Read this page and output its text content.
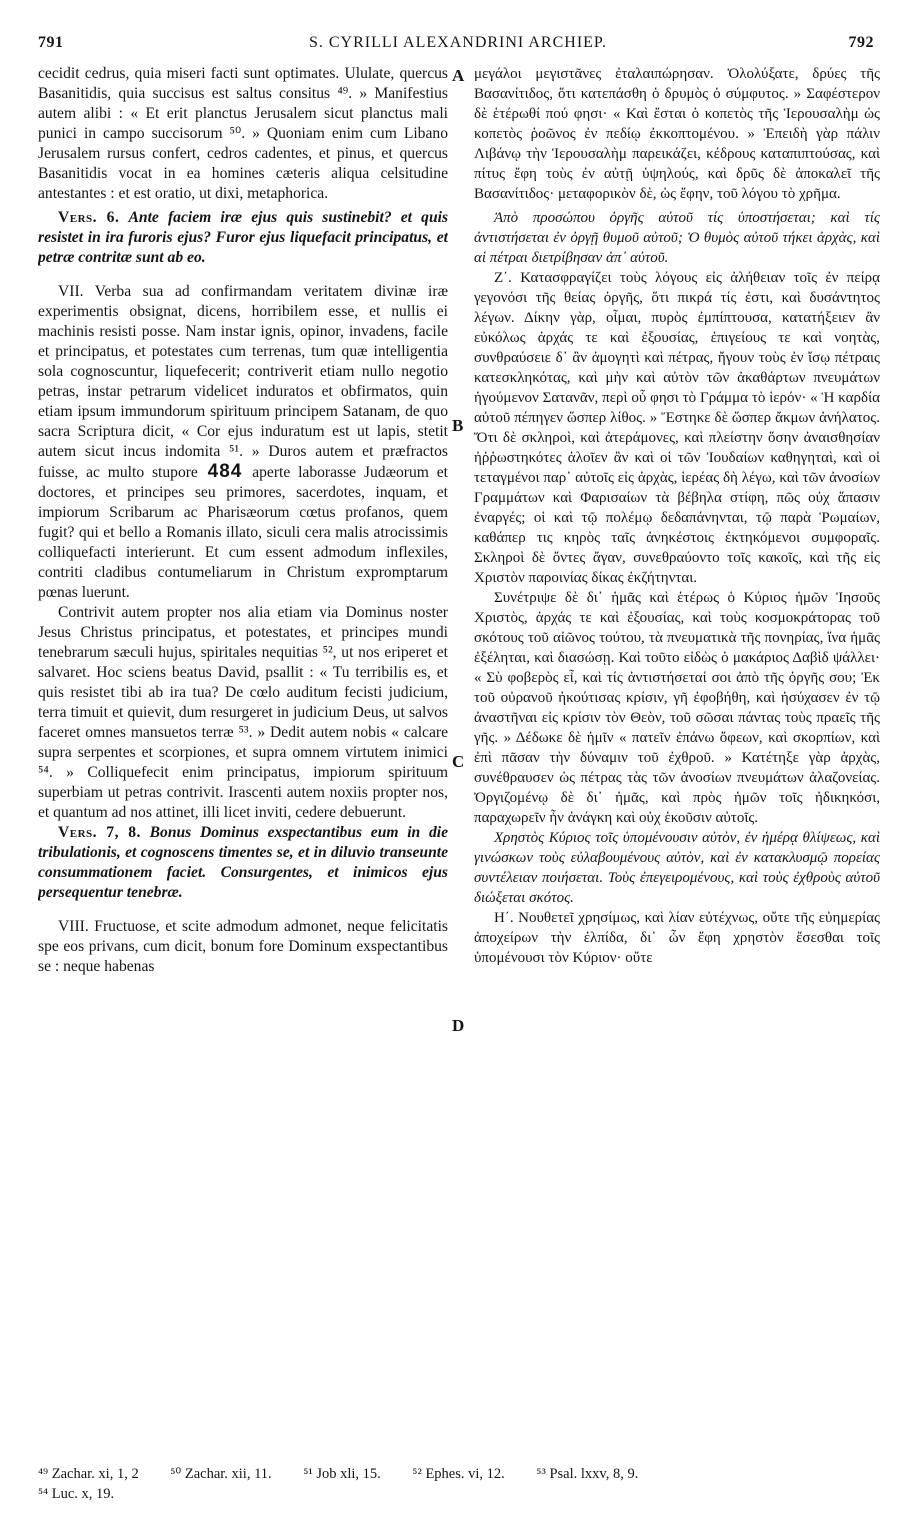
791	S. CYRILLI ALEXANDRINI ARCHIEP.	792
A
B
C
D

cecidit cedrus, quia miseri facti sunt optimates. Ululate, quercus Basanitidis, quia succisus est saltus consitus ⁴⁹. » Manifestius autem alibi : « Et erit planctus Jerusalem sicut planctus mali punici in campo succisorum ⁵⁰. » Quoniam enim cum Libano Jerusalem rursus confert, cedros cadentes, et pinus, et quercus Basanitidis vocat in ea homines cæteris aliqua celsitudine antestantes : et est oratio, ut dixi, metaphorica.

Vers. 6. Ante faciem iræ ejus quis sustinebit? et quis resistet in ira furoris ejus? Furor ejus liquefacit principatus, et petræ contritæ sunt ab eo.

VII. Verba sua ad confirmandam veritatem divinæ iræ experimentis obsignat, dicens, horribilem esse, et nullis ei machinis resisti posse. Nam instar ignis, opinor, invadens, facile et principatus, et potestates cum terrenas, tum quæ intelligentia sola cognoscuntur, liquefecerit; contriverit etiam nullo negotio petras, instar petrarum videlicet induratos et obfirmatos, quin etiam ipsum immundorum spirituum principem Satanam, de quo sacra Scriptura dicit, « Cor ejus induratum est ut lapis, stetit autem sicut incus indomita ⁵¹. » Duros autem et præfractos fuisse, ac multo stupore 484 aperte laborasse Judæorum et doctores, et principes seu primores, sacerdotes, inquam, et impiorum Scribarum ac Pharisæorum cœtus profanos, quem fugit? qui et bello a Romanis illato, siculi cera malis atrocissimis colliquefacti interierunt. Et cum essent admodum inflexiles, contriti cladibus contumeliarum in Christum expromptarum pœnas luerunt.

Contrivit autem propter nos alia etiam via Dominus noster Jesus Christus principatus, et potestates, et principes mundi tenebrarum sæculi hujus, spiritales nequitias ⁵², ut nos eriperet et salvaret. Hoc sciens beatus David, psallit : « Tu terribilis es, et quis resistet tibi ab ira tua? De cœlo auditum fecisti judicium, terra timuit et quievit, dum resurgeret in judicium Deus, ut salvos faceret omnes mansuetos terræ ⁵³. » Dedit autem nobis « calcare supra serpentes et scorpiones, et supra omnem virtutem inimici ⁵⁴. » Colliquefecit enim principatus, impiorum spirituum superbiam ut petras contrivit. Irascenti autem noxiis propter nos, et quantum ad nos attinet, illi licet inviti, cedere debuerunt.

Vers. 7, 8. Bonus Dominus exspectantibus eum in die tribulationis, et cognoscens timentes se, et in diluvio transeunte consummationem faciet. Consurgentes, et inimicos ejus persequentur tenebræ.

VIII. Fructuose, et scite admodum admonet, neque felicitatis spe eos privans, cum dicit, bonum fore Dominum exspectantibus se : neque habenas

μεγάλοι μεγιστᾶνες ἐταλαιπώρησαν. Ὀλολύξατε, δρύες τῆς Βασανίτιδος, ὅτι κατεπάσθη ὁ δρυμὸς ὁ σύμφυτος. » Σαφέστερον δὲ ἑτέρωθί πού φησι· « Καὶ ἔσται ὁ κοπετὸς τῆς Ἱερουσαλὴμ ὡς κοπετὸς ῥοῶνος ἐν πεδίῳ ἐκκοπτομένου. » Ἐπειδὴ γὰρ πάλιν Λιβάνῳ τὴν Ἱερουσαλὴμ παρεικάζει, κέδρους καταπιπτούσας, καὶ πίτυς ἔφη τοὺς ἐν αὐτῇ ὑψηλούς, καὶ δρῦς δὲ ἀποκαλεῖ τῆς Βασανίτιδος· μεταφορικὸν δὲ, ὡς ἔφην, τοῦ λόγου τὸ χρῆμα.

Ἀπὸ προσώπου ὀργῆς αὐτοῦ τίς ὑποστήσεται; καὶ τίς ἀντιστήσεται ἐν ὀργῇ θυμοῦ αὐτοῦ; Ὁ θυμὸς αὐτοῦ τήκει ἀρχὰς, καὶ αἱ πέτραι διετρίβησαν ἀπ᾽ αὐτοῦ.

Ζ΄. Κατασφραγίζει τοὺς λόγους εἰς ἀλήθειαν τοῖς ἐν πείρᾳ γεγονόσι τῆς θείας ὀργῆς, ὅτι πικρά τίς ἐστι, καὶ δυσάντητος λέγων. Δίκην γὰρ, οἶμαι, πυρὸς ἐμπίπτουσα, κατατήξειεν ἂν εὐκόλως ἀρχάς τε καὶ ἐξουσίας, ἐπιγείους τε καὶ νοητὰς, συνθραύσειε δ᾽ ἂν ἀμογητὶ καὶ πέτρας, ἤγουν τοὺς ἐν ἴσῳ πέτραις κατεσκληκότας, καὶ μὴν καὶ αὐτὸν τῶν ἀκαθάρτων πνευμάτων ἡγούμενον Σατανᾶν, περὶ οὗ φησι τὸ Γράμμα τὸ ἱερόν· « Ἡ καρδία αὐτοῦ πέπηγεν ὥσπερ λίθος. » Ἕστηκε δὲ ὥσπερ ἄκμων ἀνήλατος. Ὅτι δὲ σκληροὶ, καὶ ἀτεράμονες, καὶ πλείστην ὅσην ἀναισθησίαν ἠῤῥωστηκότες ἁλοῖεν ἂν καὶ οἱ τῶν Ἰουδαίων καθηγηταὶ, καὶ οἱ τεταγμένοι παρ᾽ αὐτοῖς εἰς ἀρχὰς, ἱερέας δὴ λέγω, καὶ τῶν ἀνοσίων Γραμμάτων καὶ Φαρισαίων τὰ βέβηλα στίφη, πῶς οὐχ ἅπασιν ἐναργές; οἱ καὶ τῷ πολέμῳ δεδαπάνηνται, τῷ παρὰ Ῥωμαίων, καθάπερ τις κηρὸς ταῖς ἀνηκέστοις ἐκτηκόμενοι συμφοραῖς. Σκληροὶ δὲ ὄντες ἄγαν, συνεθραύοντο τοῖς κακοῖς, καὶ τῆς εἰς Χριστὸν παροινίας δίκας ἐκζήτηνται.

Συνέτριψε δὲ δι᾽ ἡμᾶς καὶ ἑτέρως ὁ Κύριος ἡμῶν Ἰησοῦς Χριστὸς, ἀρχάς τε καὶ ἐξουσίας, καὶ τοὺς κοσμοκράτορας τοῦ σκότους τοῦ αἰῶνος τούτου, τὰ πνευματικὰ τῆς πονηρίας, ἵνα ἡμᾶς ἐξέληται, καὶ διασώσῃ. Καὶ τοῦτο εἰδὼς ὁ μακάριος Δαβὶδ ψάλλει· « Σὺ φοβερὸς εἶ, καὶ τίς ἀντιστήσεταί σοι ἀπὸ τῆς ὀργῆς σου; Ἐκ τοῦ οὐρανοῦ ἠκούτισας κρίσιν, γῆ ἐφοβήθη, καὶ ἡσύχασεν ἐν τῷ ἀναστῆναι εἰς κρίσιν τὸν Θεὸν, τοῦ σῶσαι πάντας τοὺς πραεῖς τῆς γῆς. » Δέδωκε δὲ ἡμῖν « πατεῖν ἐπάνω ὄφεων, καὶ σκορπίων, καὶ ἐπὶ πᾶσαν τὴν δύναμιν τοῦ ἐχθροῦ. » Κατέτηξε γὰρ ἀρχὰς, συνέθραυσεν ὡς πέτρας τὰς τῶν ἀνοσίων πνευμάτων ἀλαζονείας. Ὀργιζομένῳ δὲ δι᾽ ἡμᾶς, καὶ πρὸς ἡμῶν τοῖς ἠδικηκόσι, παραχωρεῖν ἦν ἀνάγκη καὶ οὐχ ἑκοῦσιν αὐτοῖς.

Χρηστὸς Κύριος τοῖς ὑπομένουσιν αὐτὸν, ἐν ἡμέρᾳ θλίψεως, καὶ γινώσκων τοὺς εὐλαβουμένους αὐτὸν, καὶ ἐν κατακλυσμῷ πορείας συντέλειαν ποιήσεται. Τοὺς ἐπεγειρομένους, καὶ τοὺς ἐχθροὺς αὐτοῦ διώξεται σκότος.

Η΄. Νουθετεῖ χρησίμως, καὶ λίαν εὐτέχνως, οὔτε τῆς εὐημερίας ἀποχείρων τὴν ἐλπίδα, δι᾽ ὧν ἔφη χρηστὸν ἔσεσθαι τοῖς ὑπομένουσι τὸν Κύριον· οὔτε

⁴⁹ Zachar. xi, 1, 2 ⁵⁰ Zachar. xii, 11. ⁵¹ Job xli, 15. ⁵² Ephes. vi, 12. ⁵³ Psal. lxxv, 8, 9.
⁵⁴ Luc. x, 19.
